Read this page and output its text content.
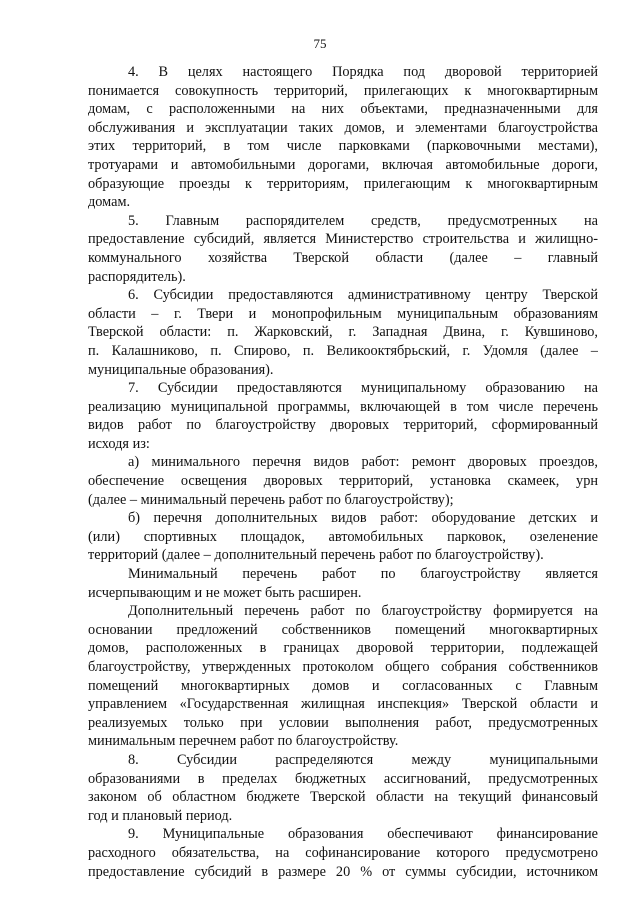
75
4. В целях настоящего Порядка под дворовой территорией
понимается совокупность территорий, прилегающих к многоквартирным
домам, с расположенными на них объектами, предназначенными для
обслуживания и эксплуатации таких домов, и элементами благоустройства
этих территорий, в том числе парковками (парковочными местами),
тротуарами и автомобильными дорогами, включая автомобильные дороги,
образующие проезды к территориям, прилегающим к многоквартирным
домам.
5. Главным распорядителем средств, предусмотренных на
предоставление субсидий, является Министерство строительства и жилищно-
коммунального хозяйства Тверской области (далее – главный
распорядитель).
6. Субсидии предоставляются административному центру Тверской
области – г. Твери и монопрофильным муниципальным образованиям
Тверской области: п. Жарковский, г. Западная Двина, г. Кувшиново,
п. Калашниково, п. Спирово, п. Великооктябрьский, г. Удомля (далее –
муниципальные образования).
7. Субсидии предоставляются муниципальному образованию на
реализацию муниципальной программы, включающей в том числе перечень
видов работ по благоустройству дворовых территорий, сформированный
исходя из:
а) минимального перечня видов работ: ремонт дворовых проездов,
обеспечение освещения дворовых территорий, установка скамеек, урн
(далее – минимальный перечень работ по благоустройству);
б) перечня дополнительных видов работ: оборудование детских и
(или) спортивных площадок, автомобильных парковок, озеленение
территорий (далее – дополнительный перечень работ по благоустройству).
Минимальный перечень работ по благоустройству является
исчерпывающим и не может быть расширен.
Дополнительный перечень работ по благоустройству формируется на
основании предложений собственников помещений многоквартирных
домов, расположенных в границах дворовой территории, подлежащей
благоустройству, утвержденных протоколом общего собрания собственников
помещений многоквартирных домов и согласованных с Главным
управлением «Государственная жилищная инспекция» Тверской области и
реализуемых только при условии выполнения работ, предусмотренных
минимальным перечнем работ по благоустройству.
8. Субсидии распределяются между муниципальными
образованиями в пределах бюджетных ассигнований, предусмотренных
законом об областном бюджете Тверской области на текущий финансовый
год и плановый период.
9. Муниципальные образования обеспечивают финансирование
расходного обязательства, на софинансирование которого предусмотрено
предоставление субсидий в размере 20 % от суммы субсидии, источником
